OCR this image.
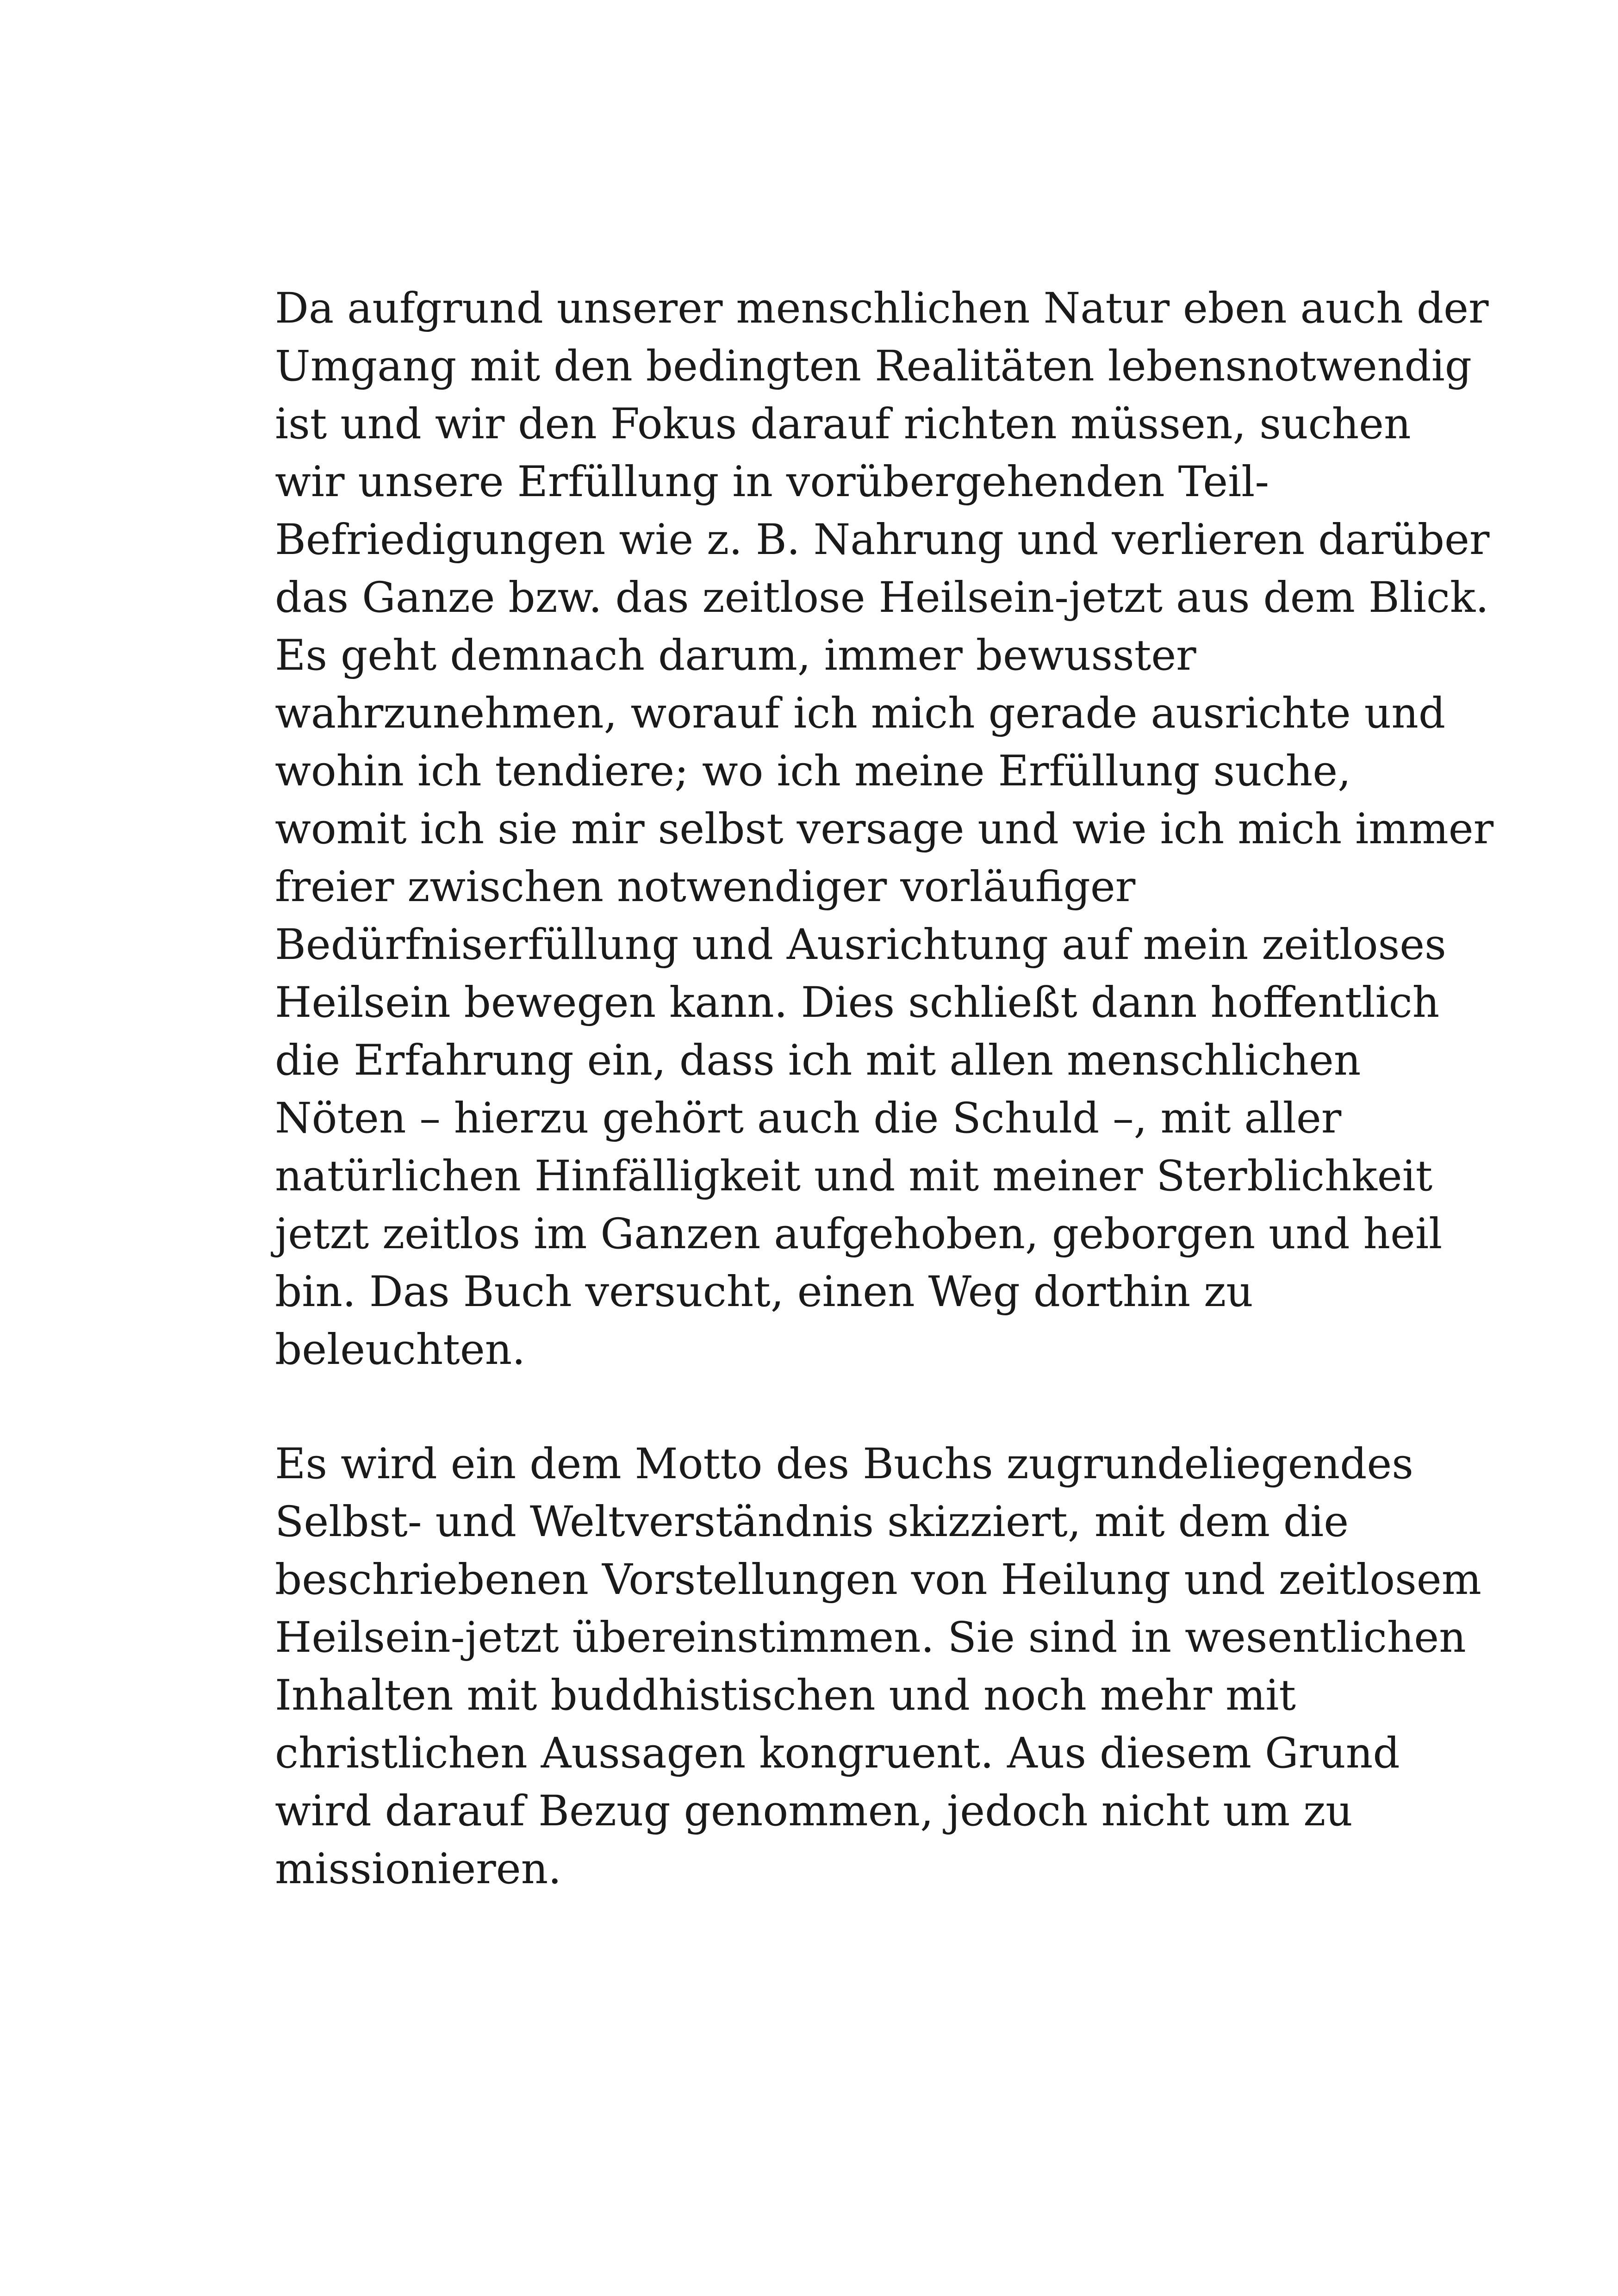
Da aufgrund unserer menschlichen Natur eben auch der
Umgang mit den bedingten Realitäten lebensnotwendig
ist und wir den Fokus darauf richten müssen, suchen
wir unsere Erfüllung in vorübergehenden Teil-
Befriedigungen wie z. B. Nahrung und verlieren darüber
das Ganze bzw. das zeitlose Heilsein-jetzt aus dem Blick.
Es geht demnach darum, immer bewusster
wahrzunehmen, worauf ich mich gerade ausrichte und
wohin ich tendiere; wo ich meine Erfüllung suche,
womit ich sie mir selbst versage und wie ich mich immer
freier zwischen notwendiger vorläufiger
Bedürfniserfüllung und Ausrichtung auf mein zeitloses
Heilsein bewegen kann. Dies schließt dann hoffentlich
die Erfahrung ein, dass ich mit allen menschlichen
Nöten – hierzu gehört auch die Schuld –, mit aller
natürlichen Hinfälligkeit und mit meiner Sterblichkeit
jetzt zeitlos im Ganzen aufgehoben, geborgen und heil
bin. Das Buch versucht, einen Weg dorthin zu
beleuchten.

Es wird ein dem Motto des Buchs zugrundeliegendes
Selbst- und Weltverständnis skizziert, mit dem die
beschriebenen Vorstellungen von Heilung und zeitlosem
Heilsein-jetzt übereinstimmen. Sie sind in wesentlichen
Inhalten mit buddhistischen und noch mehr mit
christlichen Aussagen kongruent. Aus diesem Grund
wird darauf Bezug genommen, jedoch nicht um zu
missionieren.
